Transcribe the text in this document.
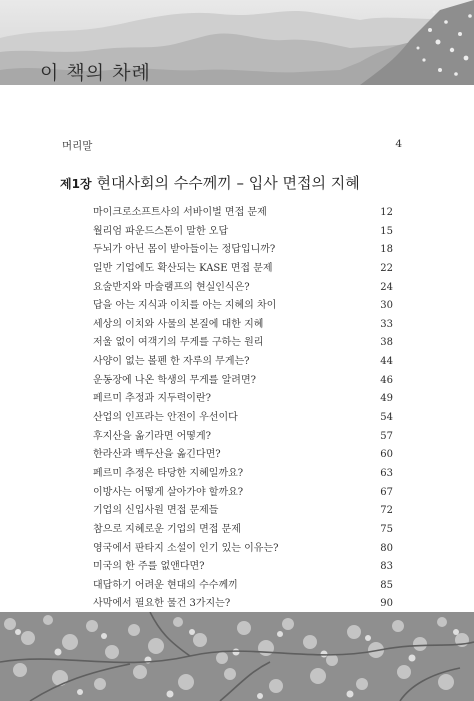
이 책의 차례
머리말	4
제1장 현대사회의 수수께끼 – 입사 면접의 지혜
마이크로소프트사의 서바이벌 면접 문제	12
월리엄 파운드스톤이 말한 오답	15
두뇌가 아닌 몸이 받아들이는 정답입니까?	18
일반 기업에도 확산되는 KASE 면접 문제	22
요술반지와 마술램프의 현실인식은?	24
답을 아는 지식과 이치를 아는 지혜의 차이	30
세상의 이치와 사물의 본질에 대한 지혜	33
저울 없이 여객기의 무게를 구하는 원리	38
사양이 없는 볼펜 한 자루의 무게는?	44
운동장에 나온 학생의 무게를 알려면?	46
페르미 추정과 지두력이란?	49
산업의 인프라는 안전이 우선이다	54
후지산을 옮기라면 어떻게?	57
한라산과 백두산을 옮긴다면?	60
페르미 추정은 타당한 지혜일까요?	63
이방사는 어떻게 살아가야 할까요?	67
기업의 신입사원 면접 문제들	72
참으로 지혜로운 기업의 면접 문제	75
영국에서 판타지 소설이 인기 있는 이유는?	80
미국의 한 주를 없앤다면?	83
대답하기 어려운 현대의 수수께끼	85
사막에서 필요한 물건 3가지는?	90
